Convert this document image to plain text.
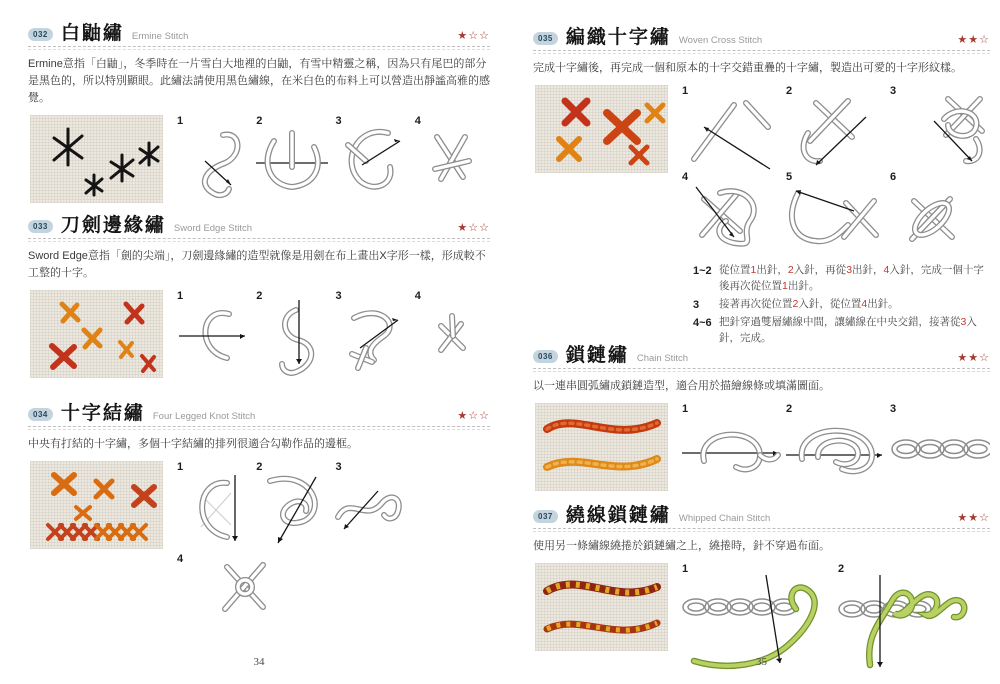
032 白鼬繡 Ermine Stitch	★☆☆

Ermine意指「白鼬」，冬季時在一片雪白大地裡的白鼬，有雪中精靈之稱，因為只有尾巴的部分是黑色的，所以特別顯眼。此繡法請使用黑色繡線，在米白色的布料上可以營造出靜謐高雅的感覺。

1	2	3	4
033 刀劍邊緣繡 Sword Edge Stitch	★☆☆

Sword Edge意指「劍的尖端」，刀劍邊緣繡的造型就像是用劍在布上畫出X字形一樣，形成較不工整的十字。

1	2	3	4
034 十字結繡 Four Legged Knot Stitch	★☆☆

中央有打結的十字繡，多個十字結繡的排列很適合勾勒作品的邊框。

1	2	3
4
34
035 編織十字繡 Woven Cross Stitch	★★☆

完成十字繡後，再完成一個和原本的十字交錯重疊的十字繡，製造出可愛的十字形紋樣。

1	2	3
4	5	6
1~2 從位置1出針，2入針，再從3出針，4入針，完成一個十字後再次從位置1出針。
3	接著再次從位置2入針，從位置4出針。
4~6 把針穿過雙層繡線中間，讓繡線在中央交錯，接著從3入針，完成。
036 鎖鏈繡 Chain Stitch	★★☆

以一連串圓弧繡成鎖鏈造型，適合用於描繪線條或填滿圖面。

1	2	3
037 繞線鎖鏈繡 Whipped Chain Stitch	★★☆

使用另一條繡線繞捲於鎖鏈繡之上，繞捲時，針不穿過布面。

1	2
35
